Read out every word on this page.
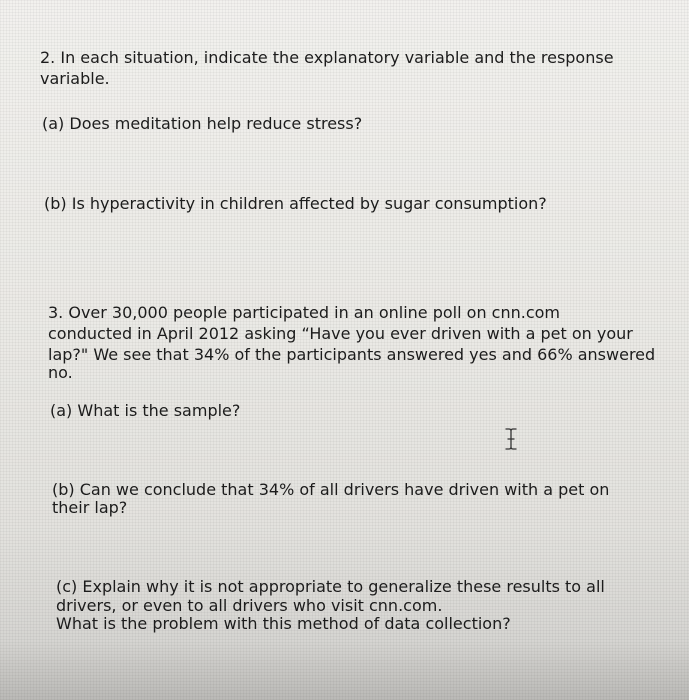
2. In each situation, indicate the explanatory variable and the response

variable.

(a) Does meditation help reduce stress?

(b) Is hyperactivity in children affected by sugar consumption?

3. Over 30,000 people participated in an online poll on cnn.com

conducted in April 2012 asking “Have you ever driven with a pet on your

lap?" We see that 34% of the participants answered yes and 66% answered

no.

(a) What is the sample?

(b) Can we conclude that 34% of all drivers have driven with a pet on

their lap?

(c) Explain why it is not appropriate to generalize these results to all

drivers, or even to all drivers who visit cnn.com.

What is the problem with this method of data collection?
